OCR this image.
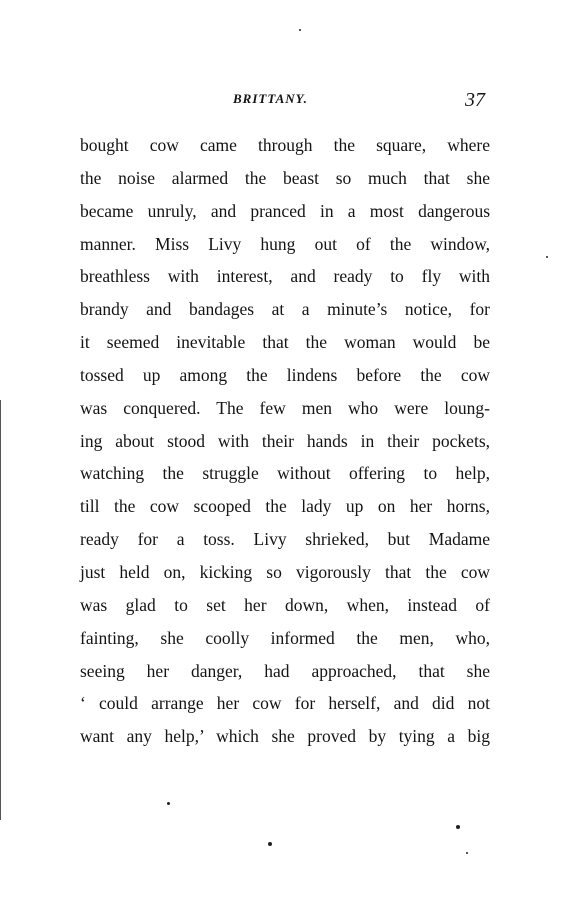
BRITTANY.	37
bought cow came through the square, where
the noise alarmed the beast so much that she
became unruly, and pranced in a most dangerous
manner. Miss Livy hung out of the window,
breathless with interest, and ready to fly with
brandy and bandages at a minute’s notice, for
it seemed inevitable that the woman would be
tossed up among the lindens before the cow
was conquered. The few men who were loung-
ing about stood with their hands in their pockets,
watching the struggle without offering to help,
till the cow scooped the lady up on her horns,
ready for a toss. Livy shrieked, but Madame
just held on, kicking so vigorously that the cow
was glad to set her down, when, instead of
fainting, she coolly informed the men, who,
seeing her danger, had approached, that she
‘ could arrange her cow for herself, and did not
want any help,’ which she proved by tying a big
